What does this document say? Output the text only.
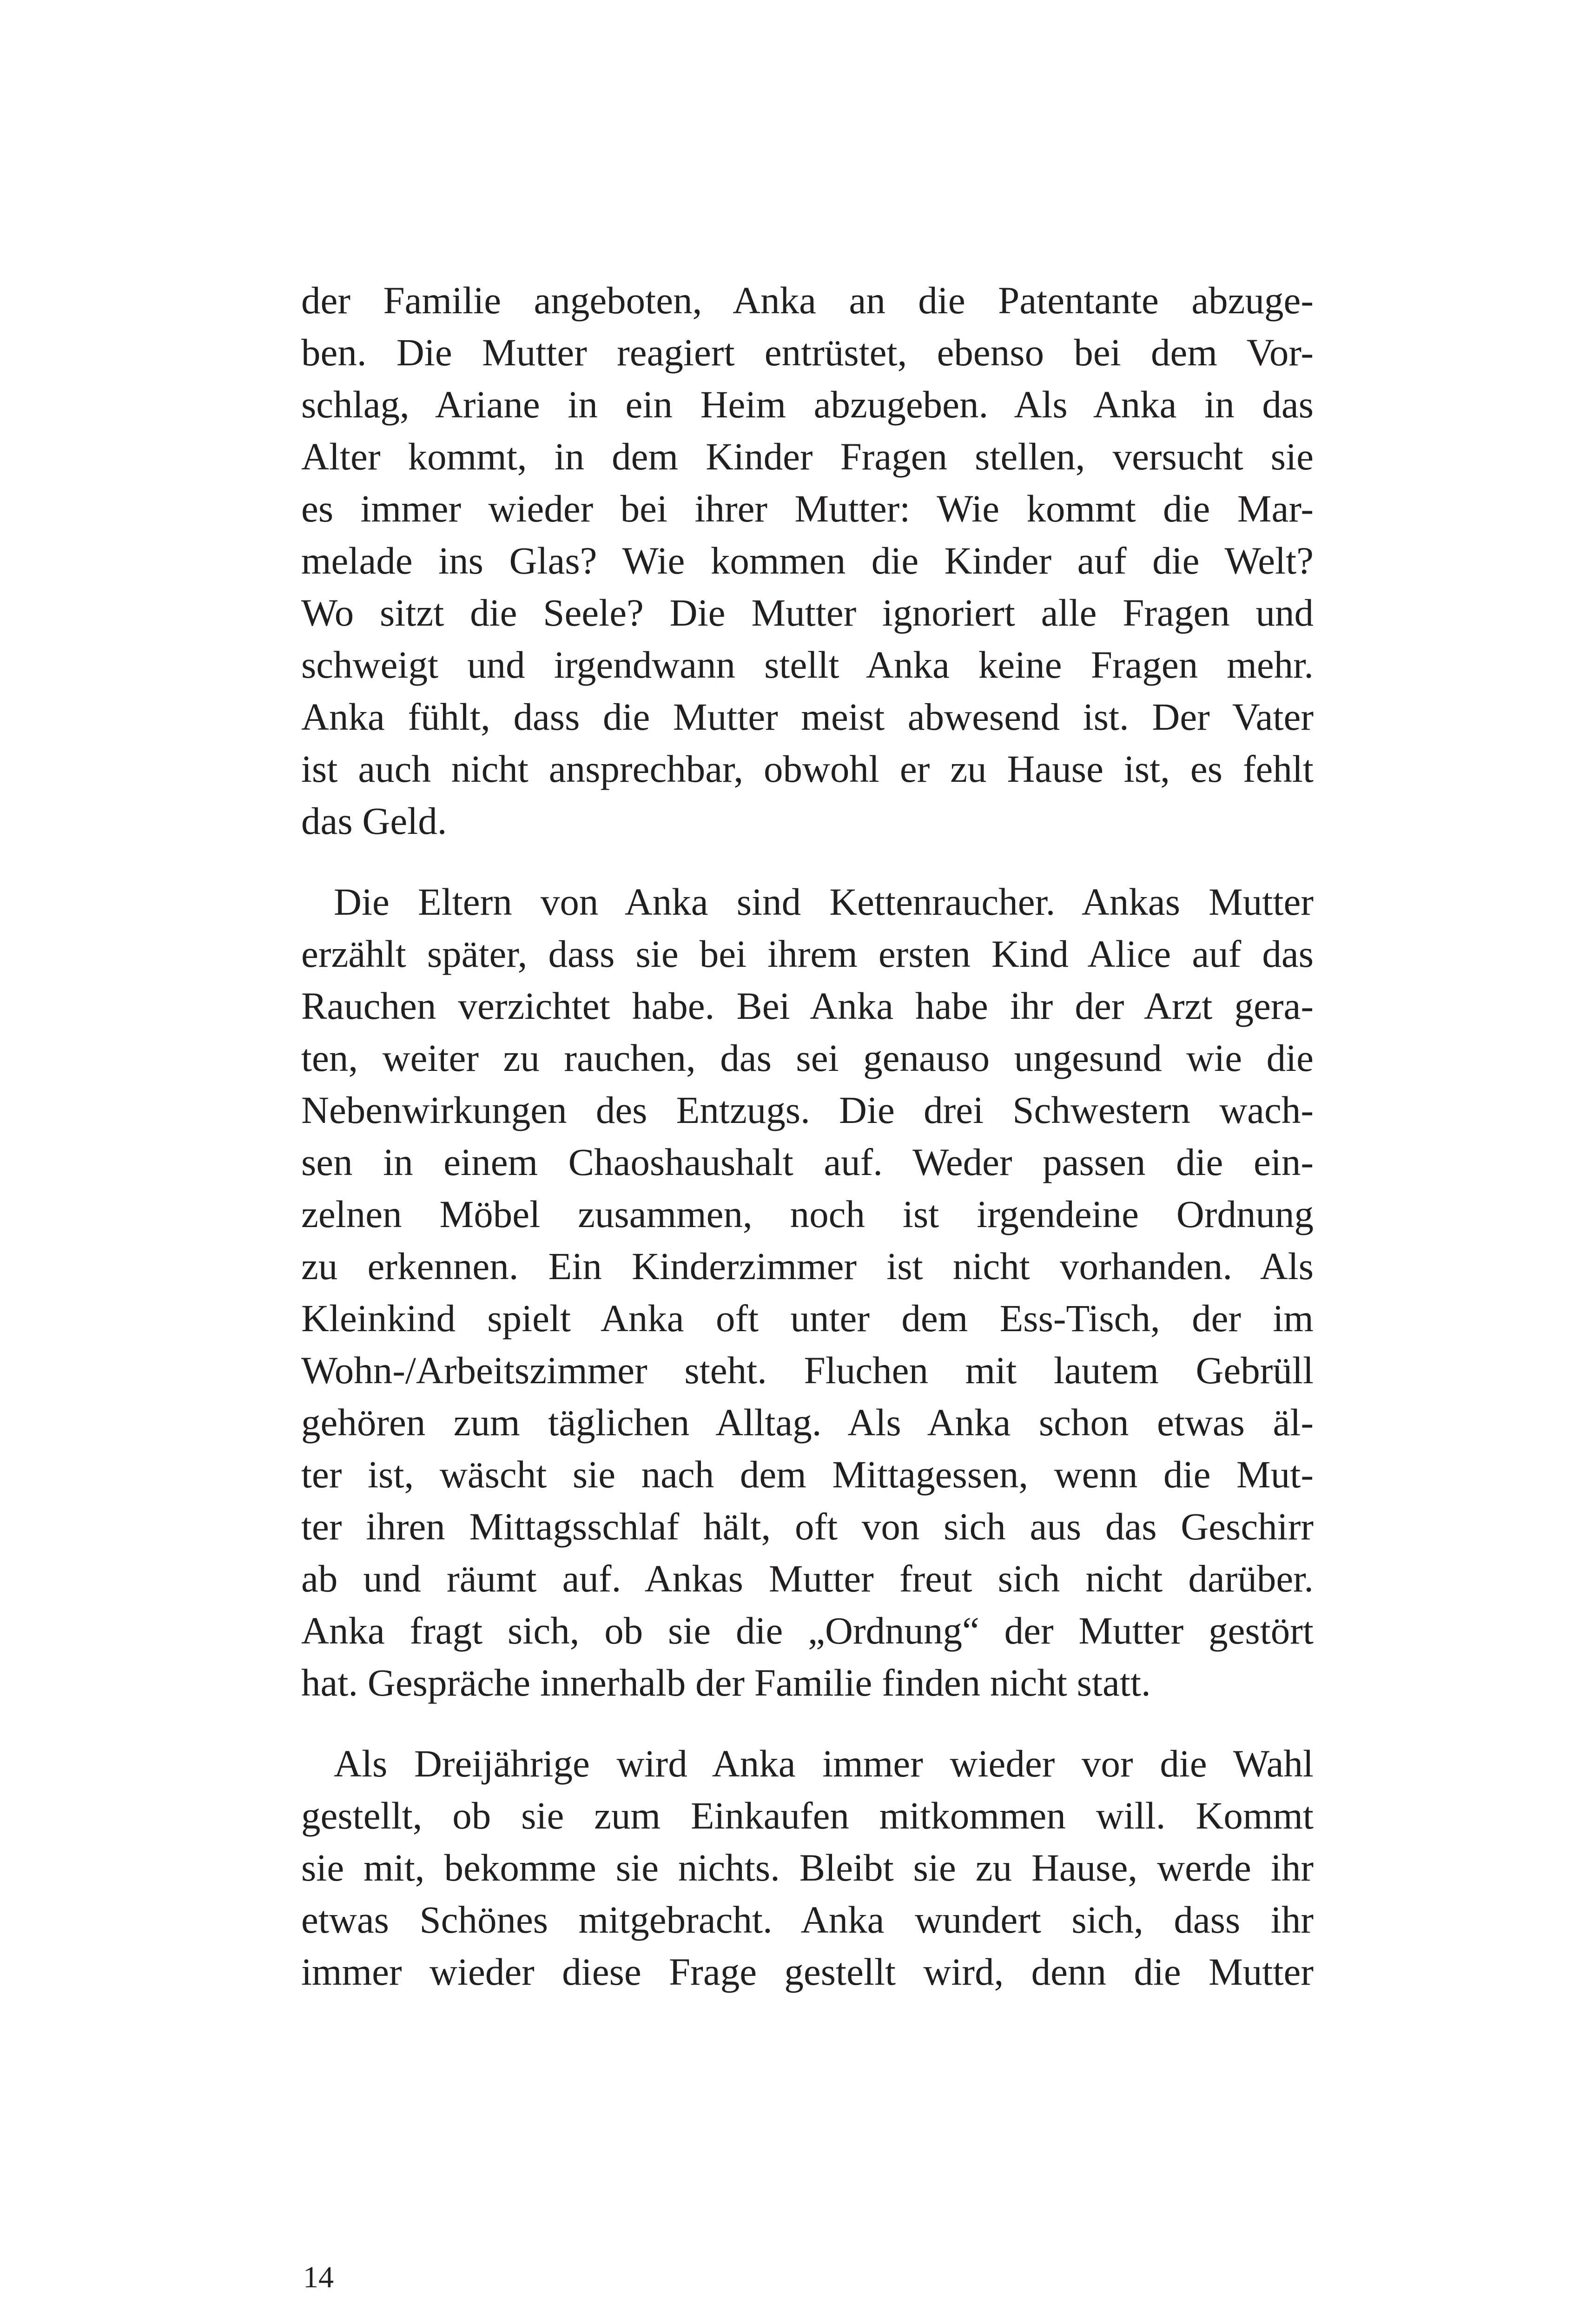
der Familie angeboten, Anka an die Patentante abzuge-
ben. Die Mutter reagiert entrüstet, ebenso bei dem Vor-
schlag, Ariane in ein Heim abzugeben. Als Anka in das
Alter kommt, in dem Kinder Fragen stellen, versucht sie
es immer wieder bei ihrer Mutter: Wie kommt die Mar-
melade ins Glas? Wie kommen die Kinder auf die Welt?
Wo sitzt die Seele? Die Mutter ignoriert alle Fragen und
schweigt und irgendwann stellt Anka keine Fragen mehr.
Anka fühlt, dass die Mutter meist abwesend ist. Der Vater
ist auch nicht ansprechbar, obwohl er zu Hause ist, es fehlt
das Geld.
Die Eltern von Anka sind Kettenraucher. Ankas Mutter
erzählt später, dass sie bei ihrem ersten Kind Alice auf das
Rauchen verzichtet habe. Bei Anka habe ihr der Arzt gera-
ten, weiter zu rauchen, das sei genauso ungesund wie die
Nebenwirkungen des Entzugs. Die drei Schwestern wach-
sen in einem Chaoshaushalt auf. Weder passen die ein-
zelnen Möbel zusammen, noch ist irgendeine Ordnung
zu erkennen. Ein Kinderzimmer ist nicht vorhanden. Als
Kleinkind spielt Anka oft unter dem Ess-Tisch, der im
Wohn-/Arbeitszimmer steht. Fluchen mit lautem Gebrüll
gehören zum täglichen Alltag. Als Anka schon etwas äl-
ter ist, wäscht sie nach dem Mittagessen, wenn die Mut-
ter ihren Mittagsschlaf hält, oft von sich aus das Geschirr
ab und räumt auf. Ankas Mutter freut sich nicht darüber.
Anka fragt sich, ob sie die „Ordnung“ der Mutter gestört
hat. Gespräche innerhalb der Familie finden nicht statt.
Als Dreijährige wird Anka immer wieder vor die Wahl
gestellt, ob sie zum Einkaufen mitkommen will. Kommt
sie mit, bekomme sie nichts. Bleibt sie zu Hause, werde ihr
etwas Schönes mitgebracht. Anka wundert sich, dass ihr
immer wieder diese Frage gestellt wird, denn die Mutter
14
